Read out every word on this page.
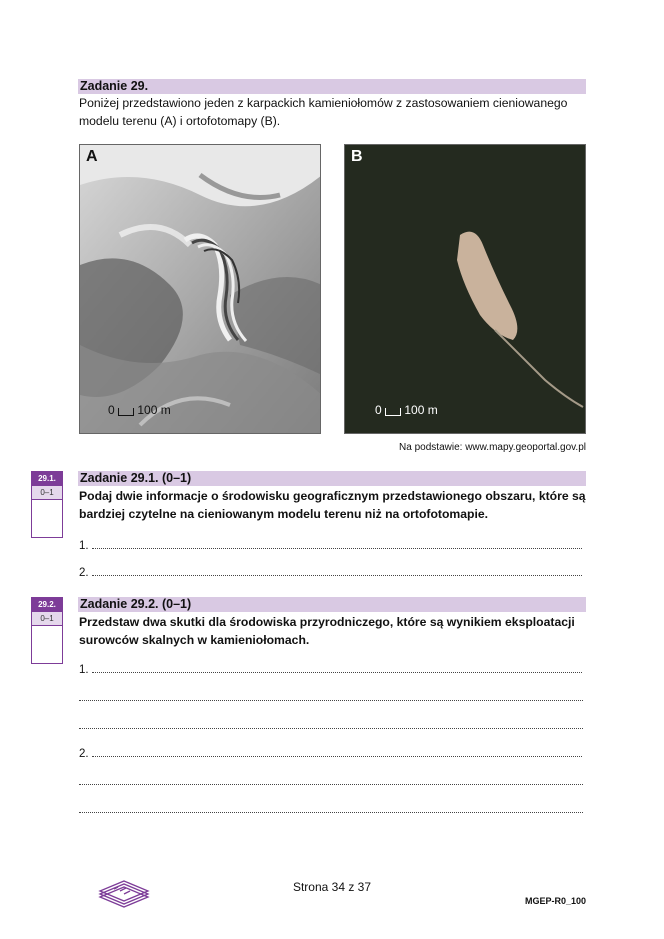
Zadanie 29.
Poniżej przedstawiono jeden z karpackich kamieniołomów z zastosowaniem cieniowanego modelu terenu (A) i ortofotomapy (B).
A
0 100 m
B
0 100 m
Na podstawie: www.mapy.geoportal.gov.pl
29.1.
0–1
Zadanie 29.1. (0–1)
Podaj dwie informacje o środowisku geograficznym przedstawionego obszaru, które są bardziej czytelne na cieniowanym modelu terenu niż na ortofotomapie.
1.
2.
29.2.
0–1
Zadanie 29.2. (0–1)
Przedstaw dwa skutki dla środowiska przyrodniczego, które są wynikiem eksploatacji surowców skalnych w kamieniołomach.
1.
2.
Strona 34 z 37
MGEP-R0_100
